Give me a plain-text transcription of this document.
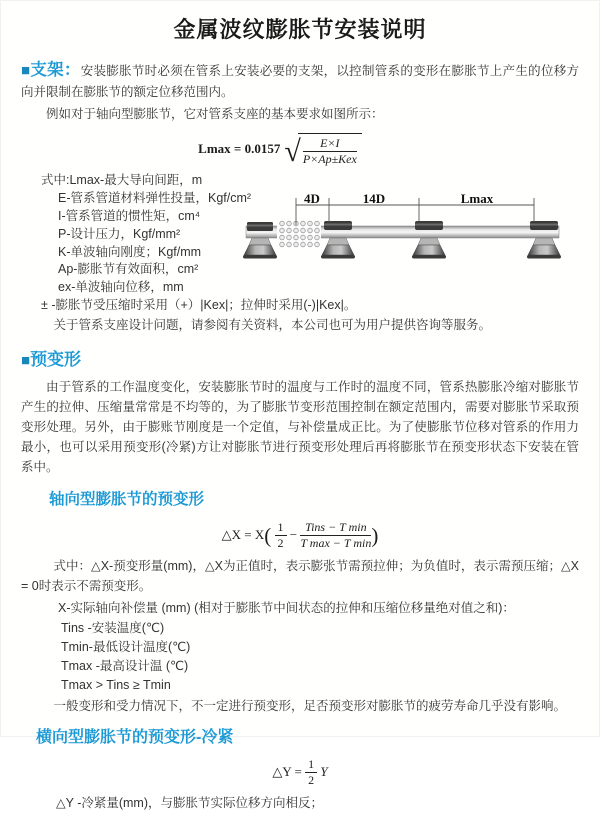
金属波纹膨胀节安装说明

■支架：安装膨胀节时必须在管系上安装必要的支架，以控制管系的变形在膨胀节上产生的位移方向并限制在膨胀节的额定位移范围内。

例如对于轴向型膨胀节，它对管系支座的基本要求如图所示：

Lmax = 0.0157 √ $\frac{E\times I}{\text{P×Ap±Kex}}$
式中:Lmax-最大导向间距，m
E-管系管道材料弹性投量，Kgf/cm²
I-管系管道的惯性矩，cm⁴
P-设计压力，Kgf/mm²
K-单波轴向刚度；Kgf/mm
Ap-膨胀节有效面积，cm²
ex-单波轴向位移，mm
± -膨胀节受压缩时采用（+）|Kex|；拉伸时采用(-)|Kex|。

关于管系支座设计问题，请参阅有关资料，本公司也可为用户提供咨询等服务。

■预变形

由于管系的工作温度变化，安装膨胀节时的温度与工作时的温度不同，管系热膨胀冷缩对膨胀节产生的拉伸、压缩量常常是不均等的，为了膨胀节变形范围控制在额定范围内，需要对膨胀节采取预变形处理。另外，由于膨账节刚度是一个定值，与补偿量成正比。为了使膨胀节位移对管系的作用力最小，也可以采用预变形(冷紧)方让对膨胀节进行预变形处理后再将膨胀节在预变形状态下安装在管系中。

轴向型膨胀节的预变形
△X = $X( \frac{1}{2} - \frac{\text{Tins − T min}}{\text{T max − T min}}$ )

式中：△X-预变形量(mm)，△X为正值时，表示膨张节需预拉伸；为负值时，表示需预压缩；△X = 0时表示不需预变形。

X-实际轴向补偿量 (mm) (相对于膨胀节中间状态的拉伸和压缩位移量绝对值之和)：

Tins -安装温度(℃)
Tmin-最低设计温度(℃)
Tmax -最高设计温 (℃)
Tmax > Tins ≥ Tmin

一般变形和受力情况下，不一定进行预变形，足否预变形对膨胀节的疲劳寿命几乎没有影响。

横向型膨胀节的预变形-冷紧
△Y = $\frac{1}{2}$ Y

△Y -冷紧量(mm)，与膨胀节实际位移方向相反；

4D	14D	Lmax
